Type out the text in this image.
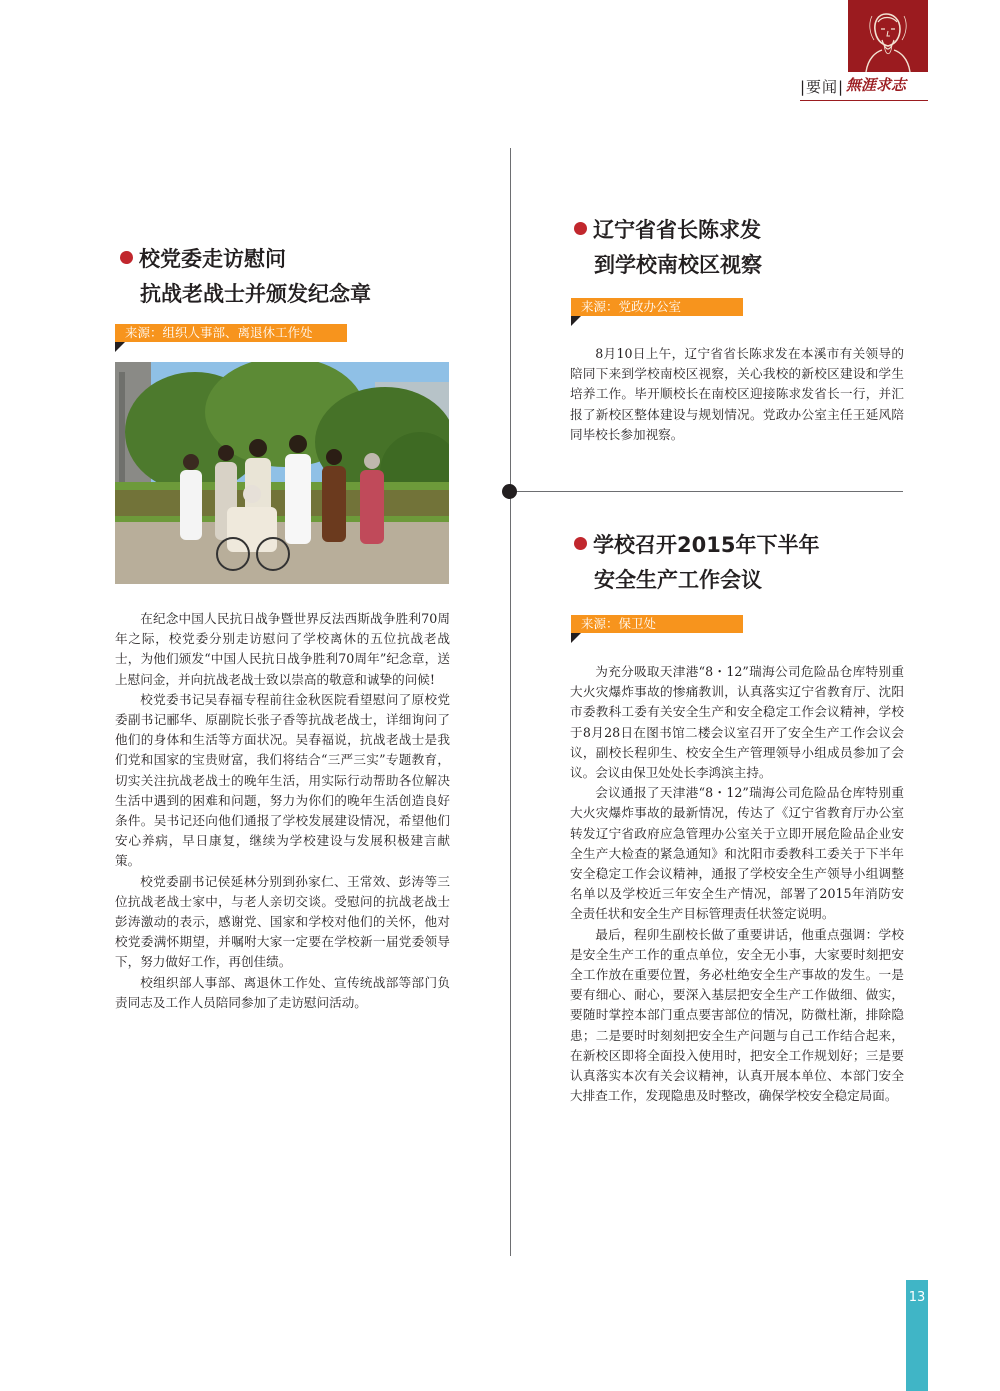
|要闻| 無涯求志
校党委走访慰问
抗战老战士并颁发纪念章
来源：组织人事部、离退休工作处

在纪念中国人民抗日战争暨世界反法西斯战争胜利70周年之际，校党委分别走访慰问了学校离休的五位抗战老战士，为他们颁发“中国人民抗日战争胜利70周年”纪念章，送上慰问金，并向抗战老战士致以崇高的敬意和诚挚的问候!

校党委书记吴春福专程前往金秋医院看望慰问了原校党委副书记郦华、原副院长张子香等抗战老战士，详细询问了他们的身体和生活等方面状况。吴春福说，抗战老战士是我们党和国家的宝贵财富，我们将结合“三严三实”专题教育，切实关注抗战老战士的晚年生活，用实际行动帮助各位解决生活中遇到的困难和问题，努力为你们的晚年生活创造良好条件。吴书记还向他们通报了学校发展建设情况，希望他们安心养病，早日康复，继续为学校建设与发展积极建言献策。

校党委副书记侯延林分别到孙家仁、王常效、彭涛等三位抗战老战士家中，与老人亲切交谈。受慰问的抗战老战士彭涛激动的表示，感谢党、国家和学校对他们的关怀，他对校党委满怀期望，并嘱咐大家一定要在学校新一届党委领导下，努力做好工作，再创佳绩。

校组织部人事部、离退休工作处、宣传统战部等部门负责同志及工作人员陪同参加了走访慰问活动。

辽宁省省长陈求发
到学校南校区视察
来源：党政办公室

8月10日上午，辽宁省省长陈求发在本溪市有关领导的陪同下来到学校南校区视察，关心我校的新校区建设和学生培养工作。毕开顺校长在南校区迎接陈求发省长一行，并汇报了新校区整体建设与规划情况。党政办公室主任王延风陪同毕校长参加视察。

学校召开2015年下半年
安全生产工作会议
来源：保卫处

为充分吸取天津港“8・12”瑞海公司危险品仓库特别重大火灾爆炸事故的惨痛教训，认真落实辽宁省教育厅、沈阳市委教科工委有关安全生产和安全稳定工作会议精神，学校于8月28日在图书馆二楼会议室召开了安全生产工作会议会议，副校长程卯生、校安全生产管理领导小组成员参加了会议。会议由保卫处处长李鸿滨主持。

会议通报了天津港“8・12”瑞海公司危险品仓库特别重大火灾爆炸事故的最新情况，传达了《辽宁省教育厅办公室转发辽宁省政府应急管理办公室关于立即开展危险品企业安全生产大检查的紧急通知》和沈阳市委教科工委关于下半年安全稳定工作会议精神，通报了学校安全生产领导小组调整名单以及学校近三年安全生产情况，部署了2015年消防安全责任状和安全生产目标管理责任状签定说明。

最后，程卯生副校长做了重要讲话，他重点强调：学校是安全生产工作的重点单位，安全无小事，大家要时刻把安全工作放在重要位置，务必杜绝安全生产事故的发生。一是要有细心、耐心，要深入基层把安全生产工作做细、做实，要随时掌控本部门重点要害部位的情况，防微杜渐，排除隐患；二是要时时刻刻把安全生产问题与自己工作结合起来，在新校区即将全面投入使用时，把安全工作规划好；三是要认真落实本次有关会议精神，认真开展本单位、本部门安全大排查工作，发现隐患及时整改，确保学校安全稳定局面。

13
